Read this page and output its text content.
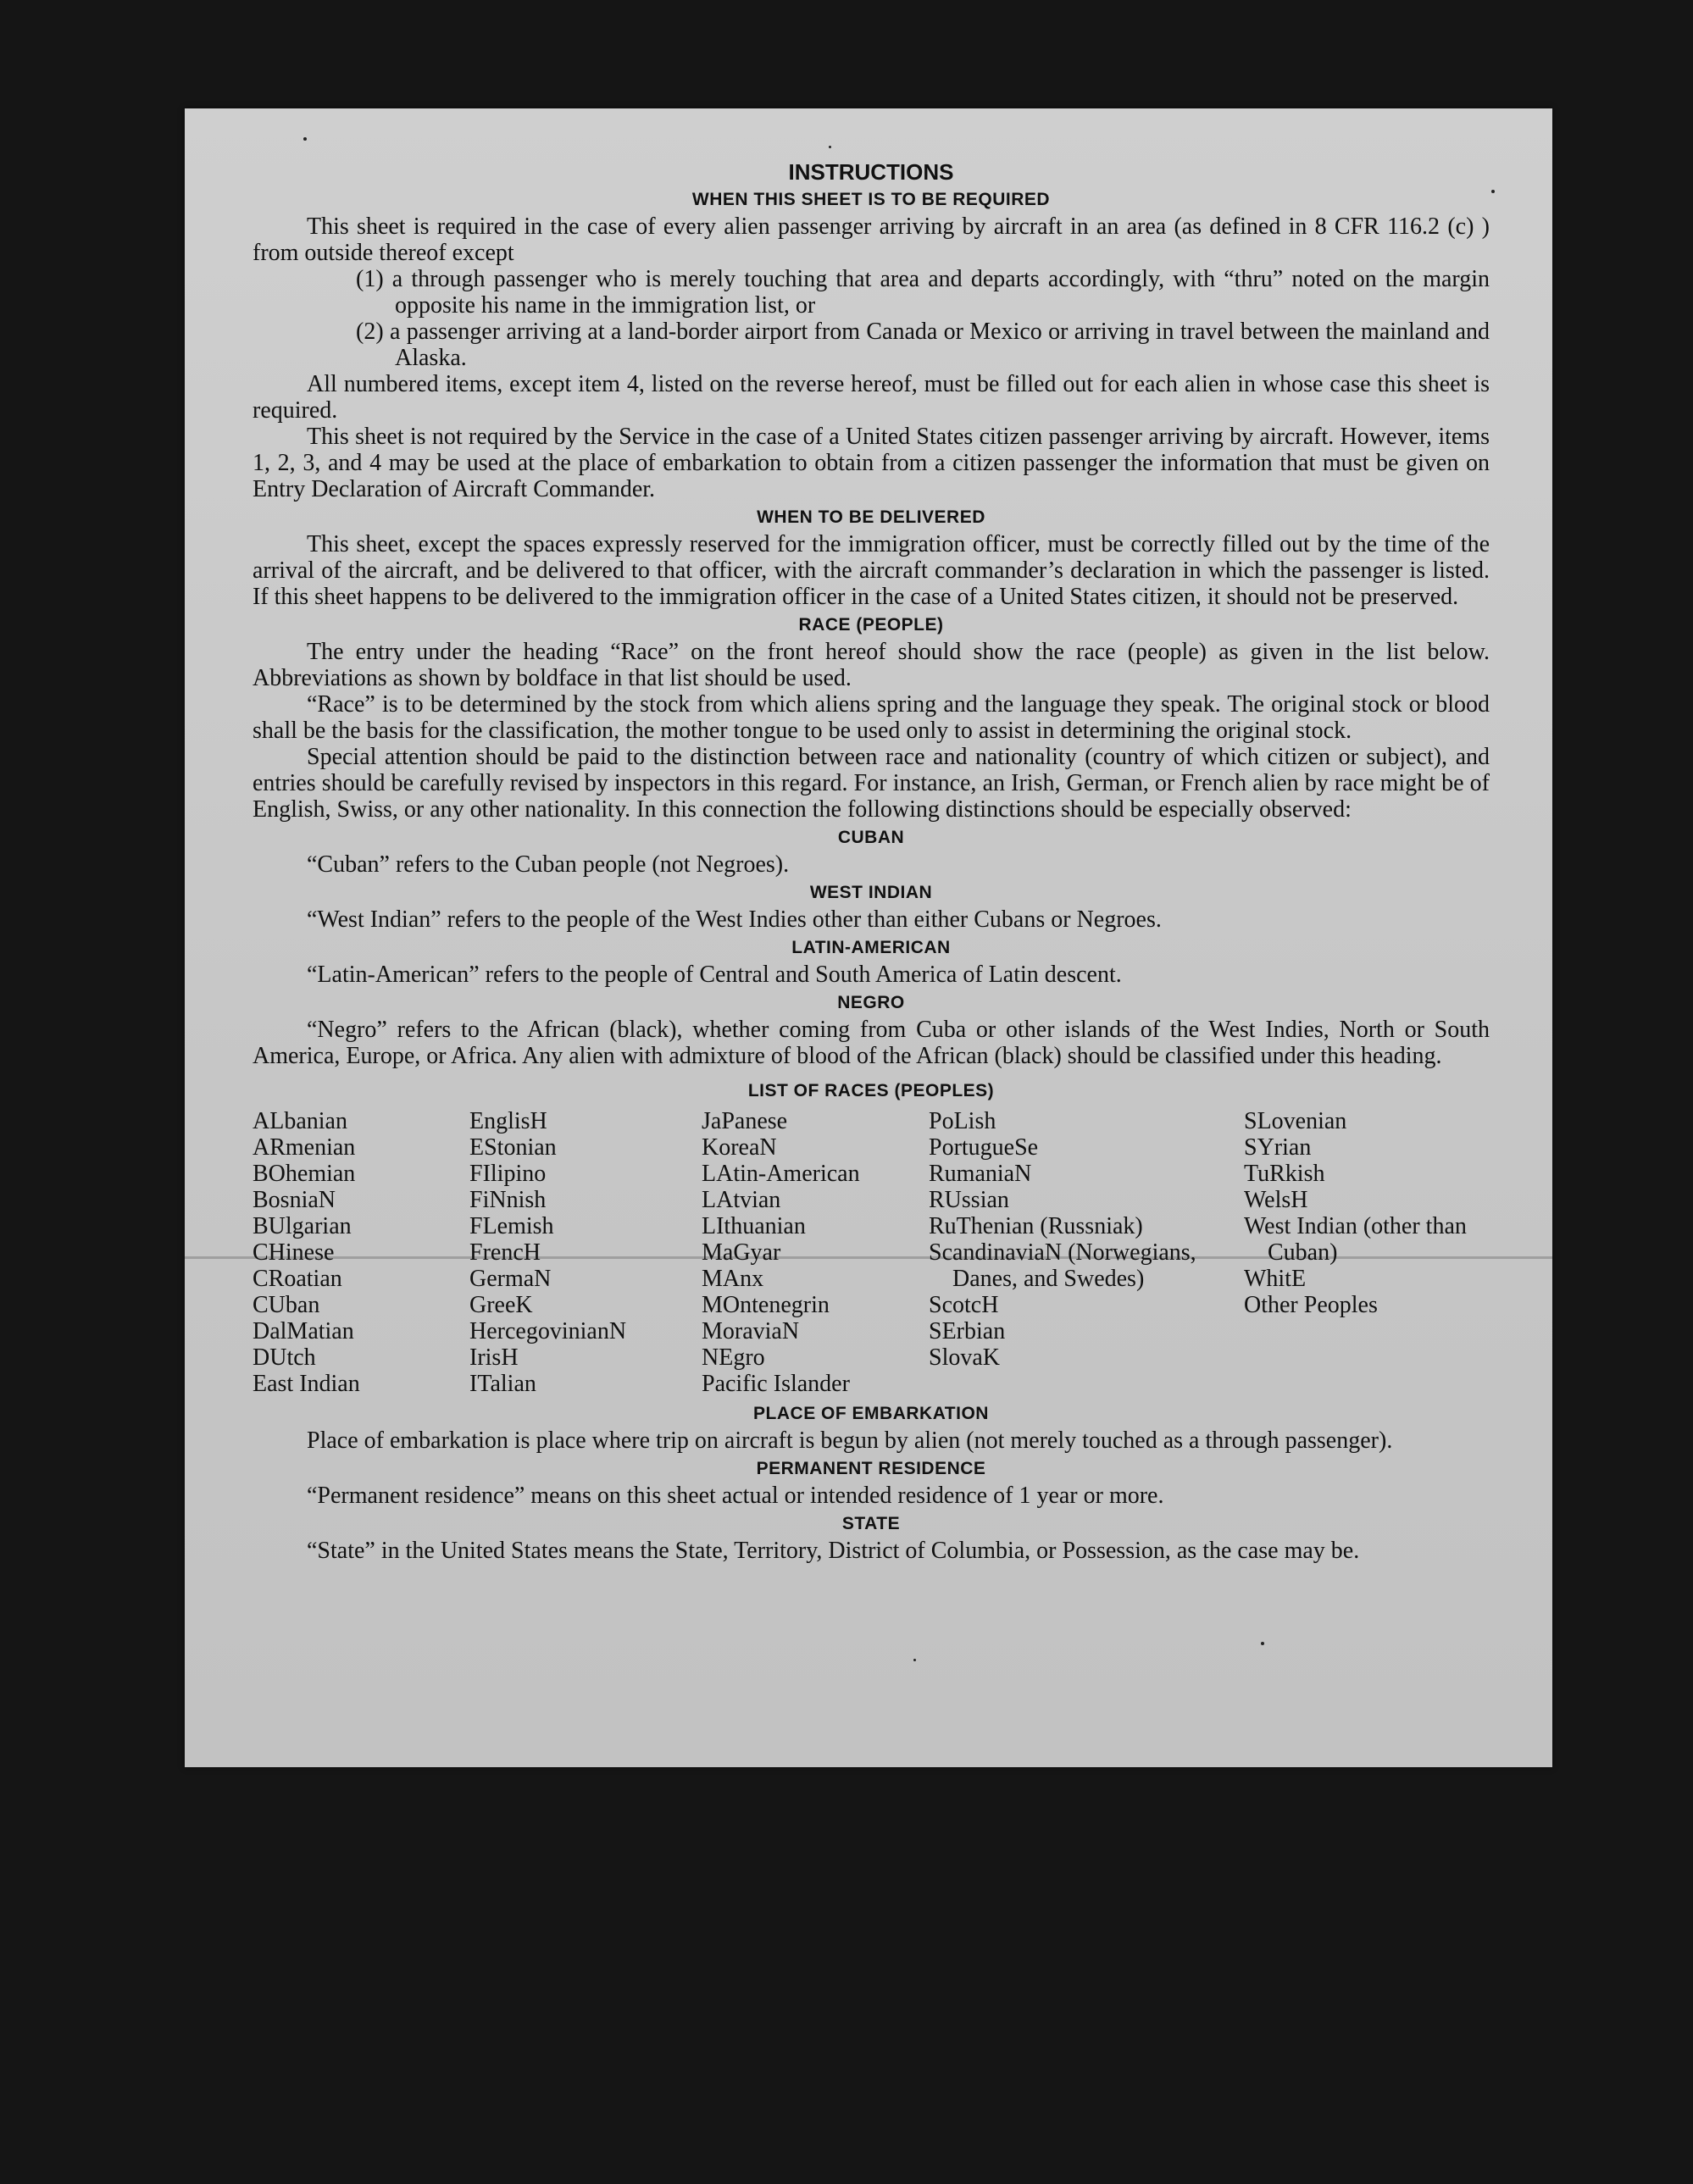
INSTRUCTIONS
WHEN THIS SHEET IS TO BE REQUIRED

This sheet is required in the case of every alien passenger arriving by aircraft in an area (as defined in 8 CFR 116.2 (c) ) from outside thereof except

(1) a through passenger who is merely touching that area and departs accordingly, with “thru” noted on the margin opposite his name in the immigration list, or
(2) a passenger arriving at a land-border airport from Canada or Mexico or arriving in travel between the mainland and Alaska.

All numbered items, except item 4, listed on the reverse hereof, must be filled out for each alien in whose case this sheet is required.

This sheet is not required by the Service in the case of a United States citizen passenger arriving by aircraft. However, items 1, 2, 3, and 4 may be used at the place of embarkation to obtain from a citizen passenger the information that must be given on Entry Declaration of Aircraft Commander.

WHEN TO BE DELIVERED

This sheet, except the spaces expressly reserved for the immigration officer, must be correctly filled out by the time of the arrival of the aircraft, and be delivered to that officer, with the aircraft commander’s declaration in which the passenger is listed. If this sheet happens to be delivered to the immigration officer in the case of a United States citizen, it should not be preserved.

RACE (PEOPLE)

The entry under the heading “Race” on the front hereof should show the race (people) as given in the list below. Abbreviations as shown by boldface in that list should be used.

“Race” is to be determined by the stock from which aliens spring and the language they speak. The original stock or blood shall be the basis for the classification, the mother tongue to be used only to assist in determining the original stock.

Special attention should be paid to the distinction between race and nationality (country of which citizen or subject), and entries should be carefully revised by inspectors in this regard. For instance, an Irish, German, or French alien by race might be of English, Swiss, or any other nationality. In this connection the following distinctions should be especially observed:

CUBAN

“Cuban” refers to the Cuban people (not Negroes).

WEST INDIAN

“West Indian” refers to the people of the West Indies other than either Cubans or Negroes.

LATIN-AMERICAN

“Latin-American” refers to the people of Central and South America of Latin descent.

NEGRO

“Negro” refers to the African (black), whether coming from Cuba or other islands of the West Indies, North or South America, Europe, or Africa. Any alien with admixture of blood of the African (black) should be classified under this heading.

LIST OF RACES (PEOPLES)
ALbanian
ARmenian
BOhemian
BosniaN
BUlgarian
CHinese
CRoatian
CUban
DalMatian
DUtch
East Indian
EnglisH
EStonian
FIlipino
FiNnish
FLemish
FrencH
GermaN
GreeK
HercegovinianN
IrisH
ITalian
JaPanese
KoreaN
LAtin-American
LAtvian
LIthuanian
MaGyar
MAnx
MOntenegrin
MoraviaN
NEgro
Pacific Islander
PoLish
PortugueSe
RumaniaN
RUssian
RuThenian (Russniak)
ScandinaviaN (Norwegians, Danes, and Swedes)
ScotcH
SErbian
SlovaK
SLovenian
SYrian
TuRkish
WelsH
West Indian (other than Cuban)
WhitE
Other Peoples
PLACE OF EMBARKATION

Place of embarkation is place where trip on aircraft is begun by alien (not merely touched as a through passenger).

PERMANENT RESIDENCE

“Permanent residence” means on this sheet actual or intended residence of 1 year or more.

STATE

“State” in the United States means the State, Territory, District of Columbia, or Possession, as the case may be.
